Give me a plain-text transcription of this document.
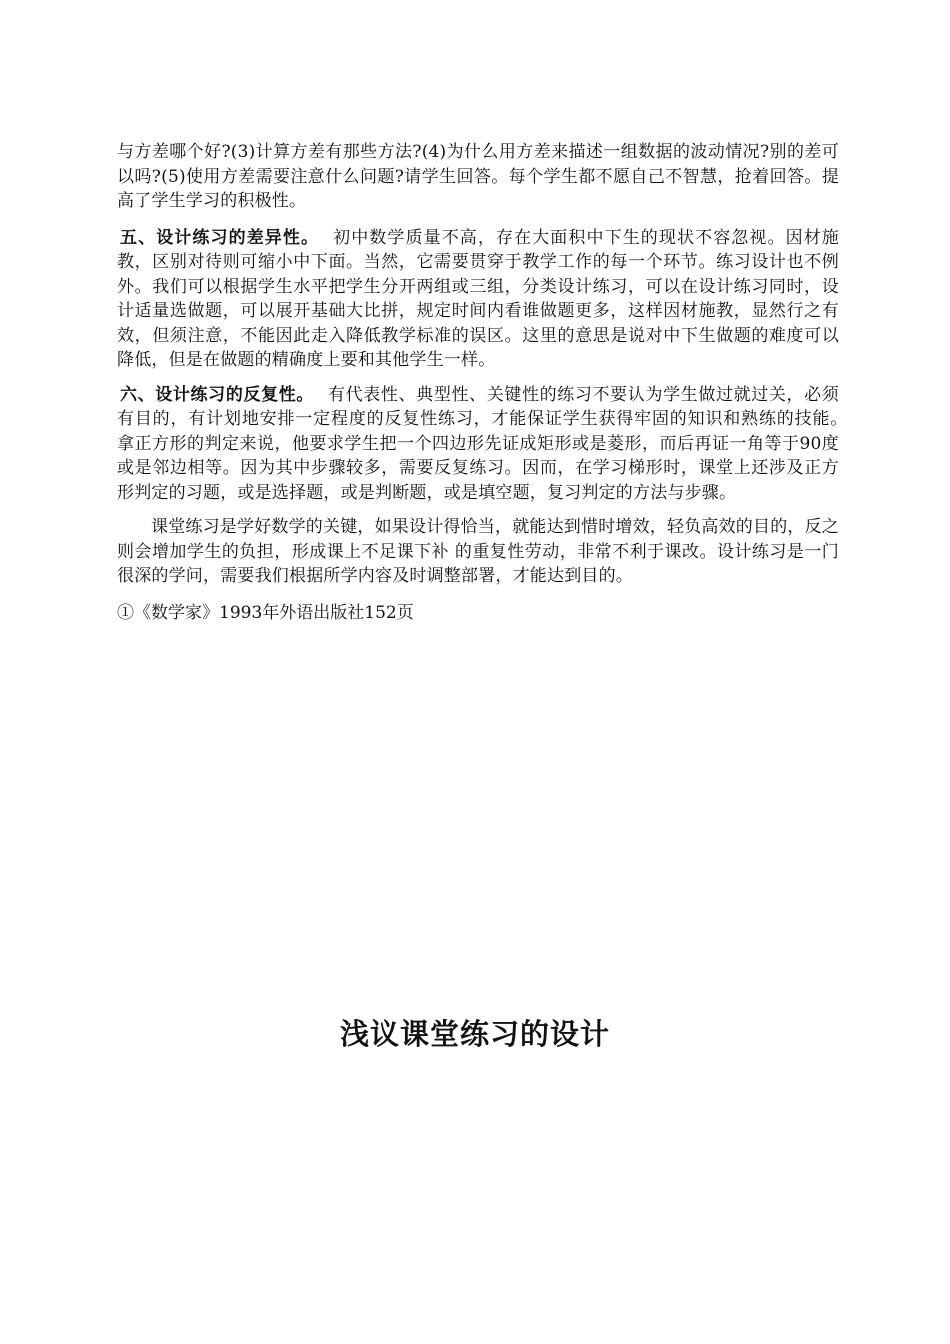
与方差哪个好?(3)计算方差有那些方法?(4)为什么用方差来描述一组数据的波动情况?别的差可以吗?(5)使用方差需要注意什么问题?请学生回答。每个学生都不愿自己不智慧，抢着回答。提高了学生学习的积极性。

五、设计练习的差异性。 初中数学质量不高，存在大面积中下生的现状不容忽视。因材施教，区别对待则可缩小中下面。当然，它需要贯穿于教学工作的每一个环节。练习设计也不例外。我们可以根据学生水平把学生分开两组或三组，分类设计练习，可以在设计练习同时，设计适量选做题，可以展开基础大比拼，规定时间内看谁做题更多，这样因材施教，显然行之有效，但须注意，不能因此走入降低教学标准的误区。这里的意思是说对中下生做题的难度可以降低，但是在做题的精确度上要和其他学生一样。

六、设计练习的反复性。 有代表性、典型性、关键性的练习不要认为学生做过就过关，必须有目的，有计划地安排一定程度的反复性练习，才能保证学生获得牢固的知识和熟练的技能。　拿正方形的判定来说，他要求学生把一个四边形先证成矩形或是菱形，而后再证一角等于90度或是邻边相等。因为其中步骤较多，需要反复练习。因而，在学习梯形时，课堂上还涉及正方形判定的习题，或是选择题，或是判断题，或是填空题，复习判定的方法与步骤。

课堂练习是学好数学的关键，如果设计得恰当，就能达到惜时增效，轻负高效的目的，反之则会增加学生的负担，形成课上不足课下补 的重复性劳动，非常不利于课改。设计练习是一门很深的学问，需要我们根据所学内容及时调整部署，才能达到目的。

①《数学家》1993年外语出版社152页
浅议课堂练习的设计
